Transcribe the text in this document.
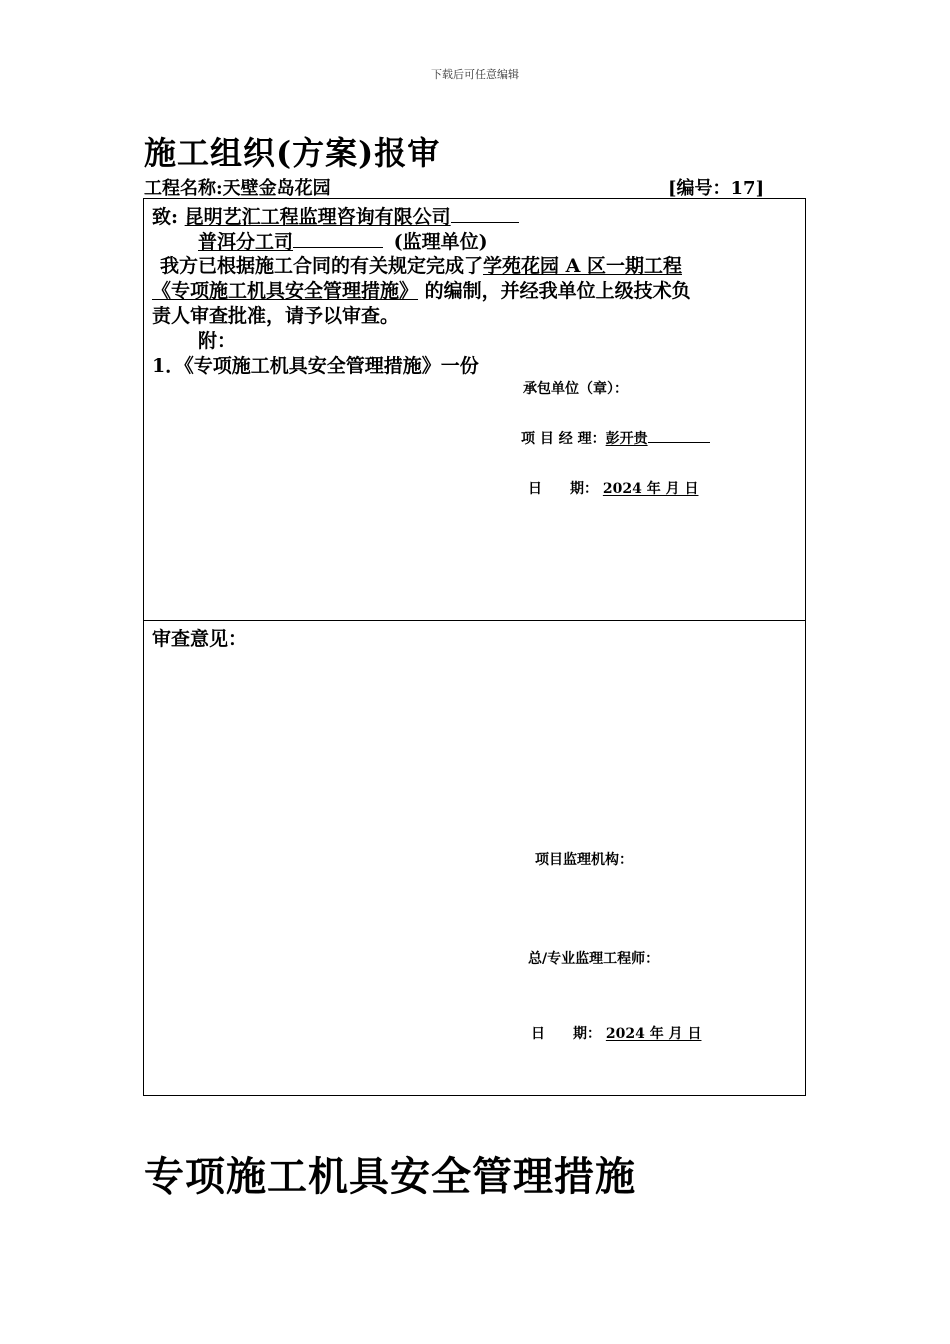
下载后可任意编辑
施工组织(方案)报审
工程名称:天壁金岛花园	[编号：17]
致: 昆明艺汇工程监理咨询有限公司
普洱分工司	(监理单位)
我方已根据施工合同的有关规定完成了学苑花园 A 区一期工程
《专项施工机具安全管理措施》 的编制，并经我单位上级技术负
责人审查批准，请予以审查。
附：
1．《专项施工机具安全管理措施》一份
承包单位（章）：
项 目 经 理：彭开贵
日　　期： 2024 年 月 日
审查意见：
项目监理机构：
总/专业监理工程师：
日　　期： 2024 年 月 日
专项施工机具安全管理措施
